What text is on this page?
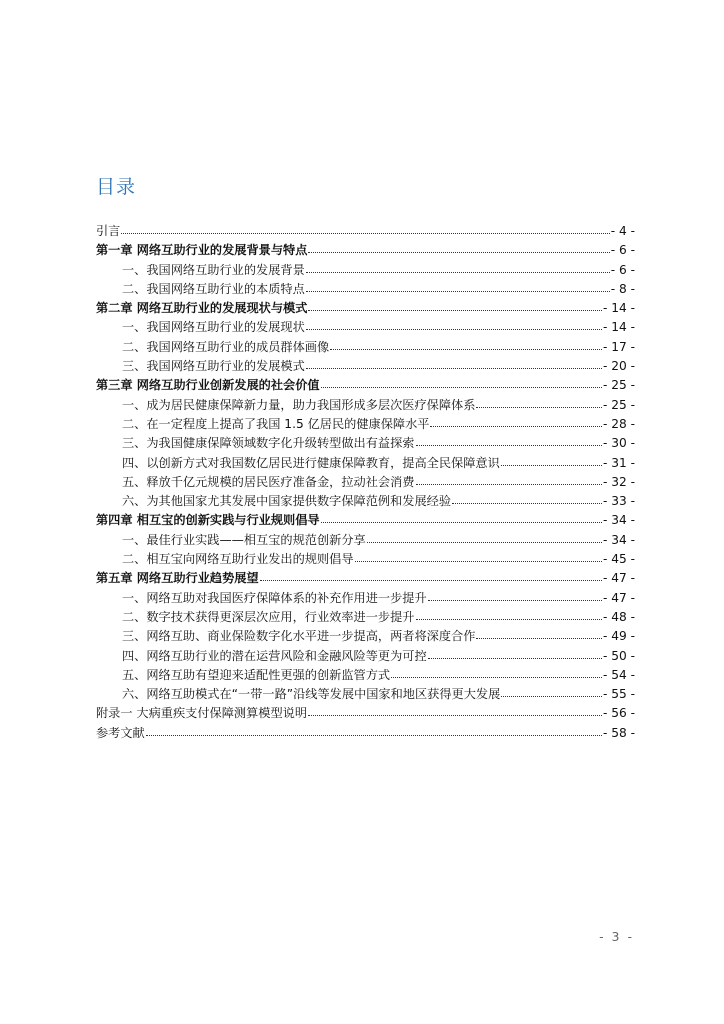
目录
引言	- 4 -
第一章 网络互助行业的发展背景与特点	- 6 -
一、我国网络互助行业的发展背景	- 6 -
二、我国网络互助行业的本质特点	- 8 -
第二章 网络互助行业的发展现状与模式	- 14 -
一、我国网络互助行业的发展现状	- 14 -
二、我国网络互助行业的成员群体画像	- 17 -
三、我国网络互助行业的发展模式	- 20 -
第三章 网络互助行业创新发展的社会价值	- 25 -
一、成为居民健康保障新力量，助力我国形成多层次医疗保障体系	- 25 -
二、在一定程度上提高了我国 1.5 亿居民的健康保障水平	- 28 -
三、为我国健康保障领域数字化升级转型做出有益探索	- 30 -
四、以创新方式对我国数亿居民进行健康保障教育，提高全民保障意识	- 31 -
五、释放千亿元规模的居民医疗准备金，拉动社会消费	- 32 -
六、为其他国家尤其发展中国家提供数字保障范例和发展经验	- 33 -
第四章 相互宝的创新实践与行业规则倡导	- 34 -
一、最佳行业实践——相互宝的规范创新分享	- 34 -
二、相互宝向网络互助行业发出的规则倡导	- 45 -
第五章 网络互助行业趋势展望	- 47 -
一、网络互助对我国医疗保障体系的补充作用进一步提升	- 47 -
二、数字技术获得更深层次应用，行业效率进一步提升	- 48 -
三、网络互助、商业保险数字化水平进一步提高，两者将深度合作	- 49 -
四、网络互助行业的潜在运营风险和金融风险等更为可控	- 50 -
五、网络互助有望迎来适配性更强的创新监管方式	- 54 -
六、网络互助模式在“一带一路”沿线等发展中国家和地区获得更大发展	- 55 -
附录一 大病重疾支付保障测算模型说明	- 56 -
参考文献	- 58 -
- 3 -
